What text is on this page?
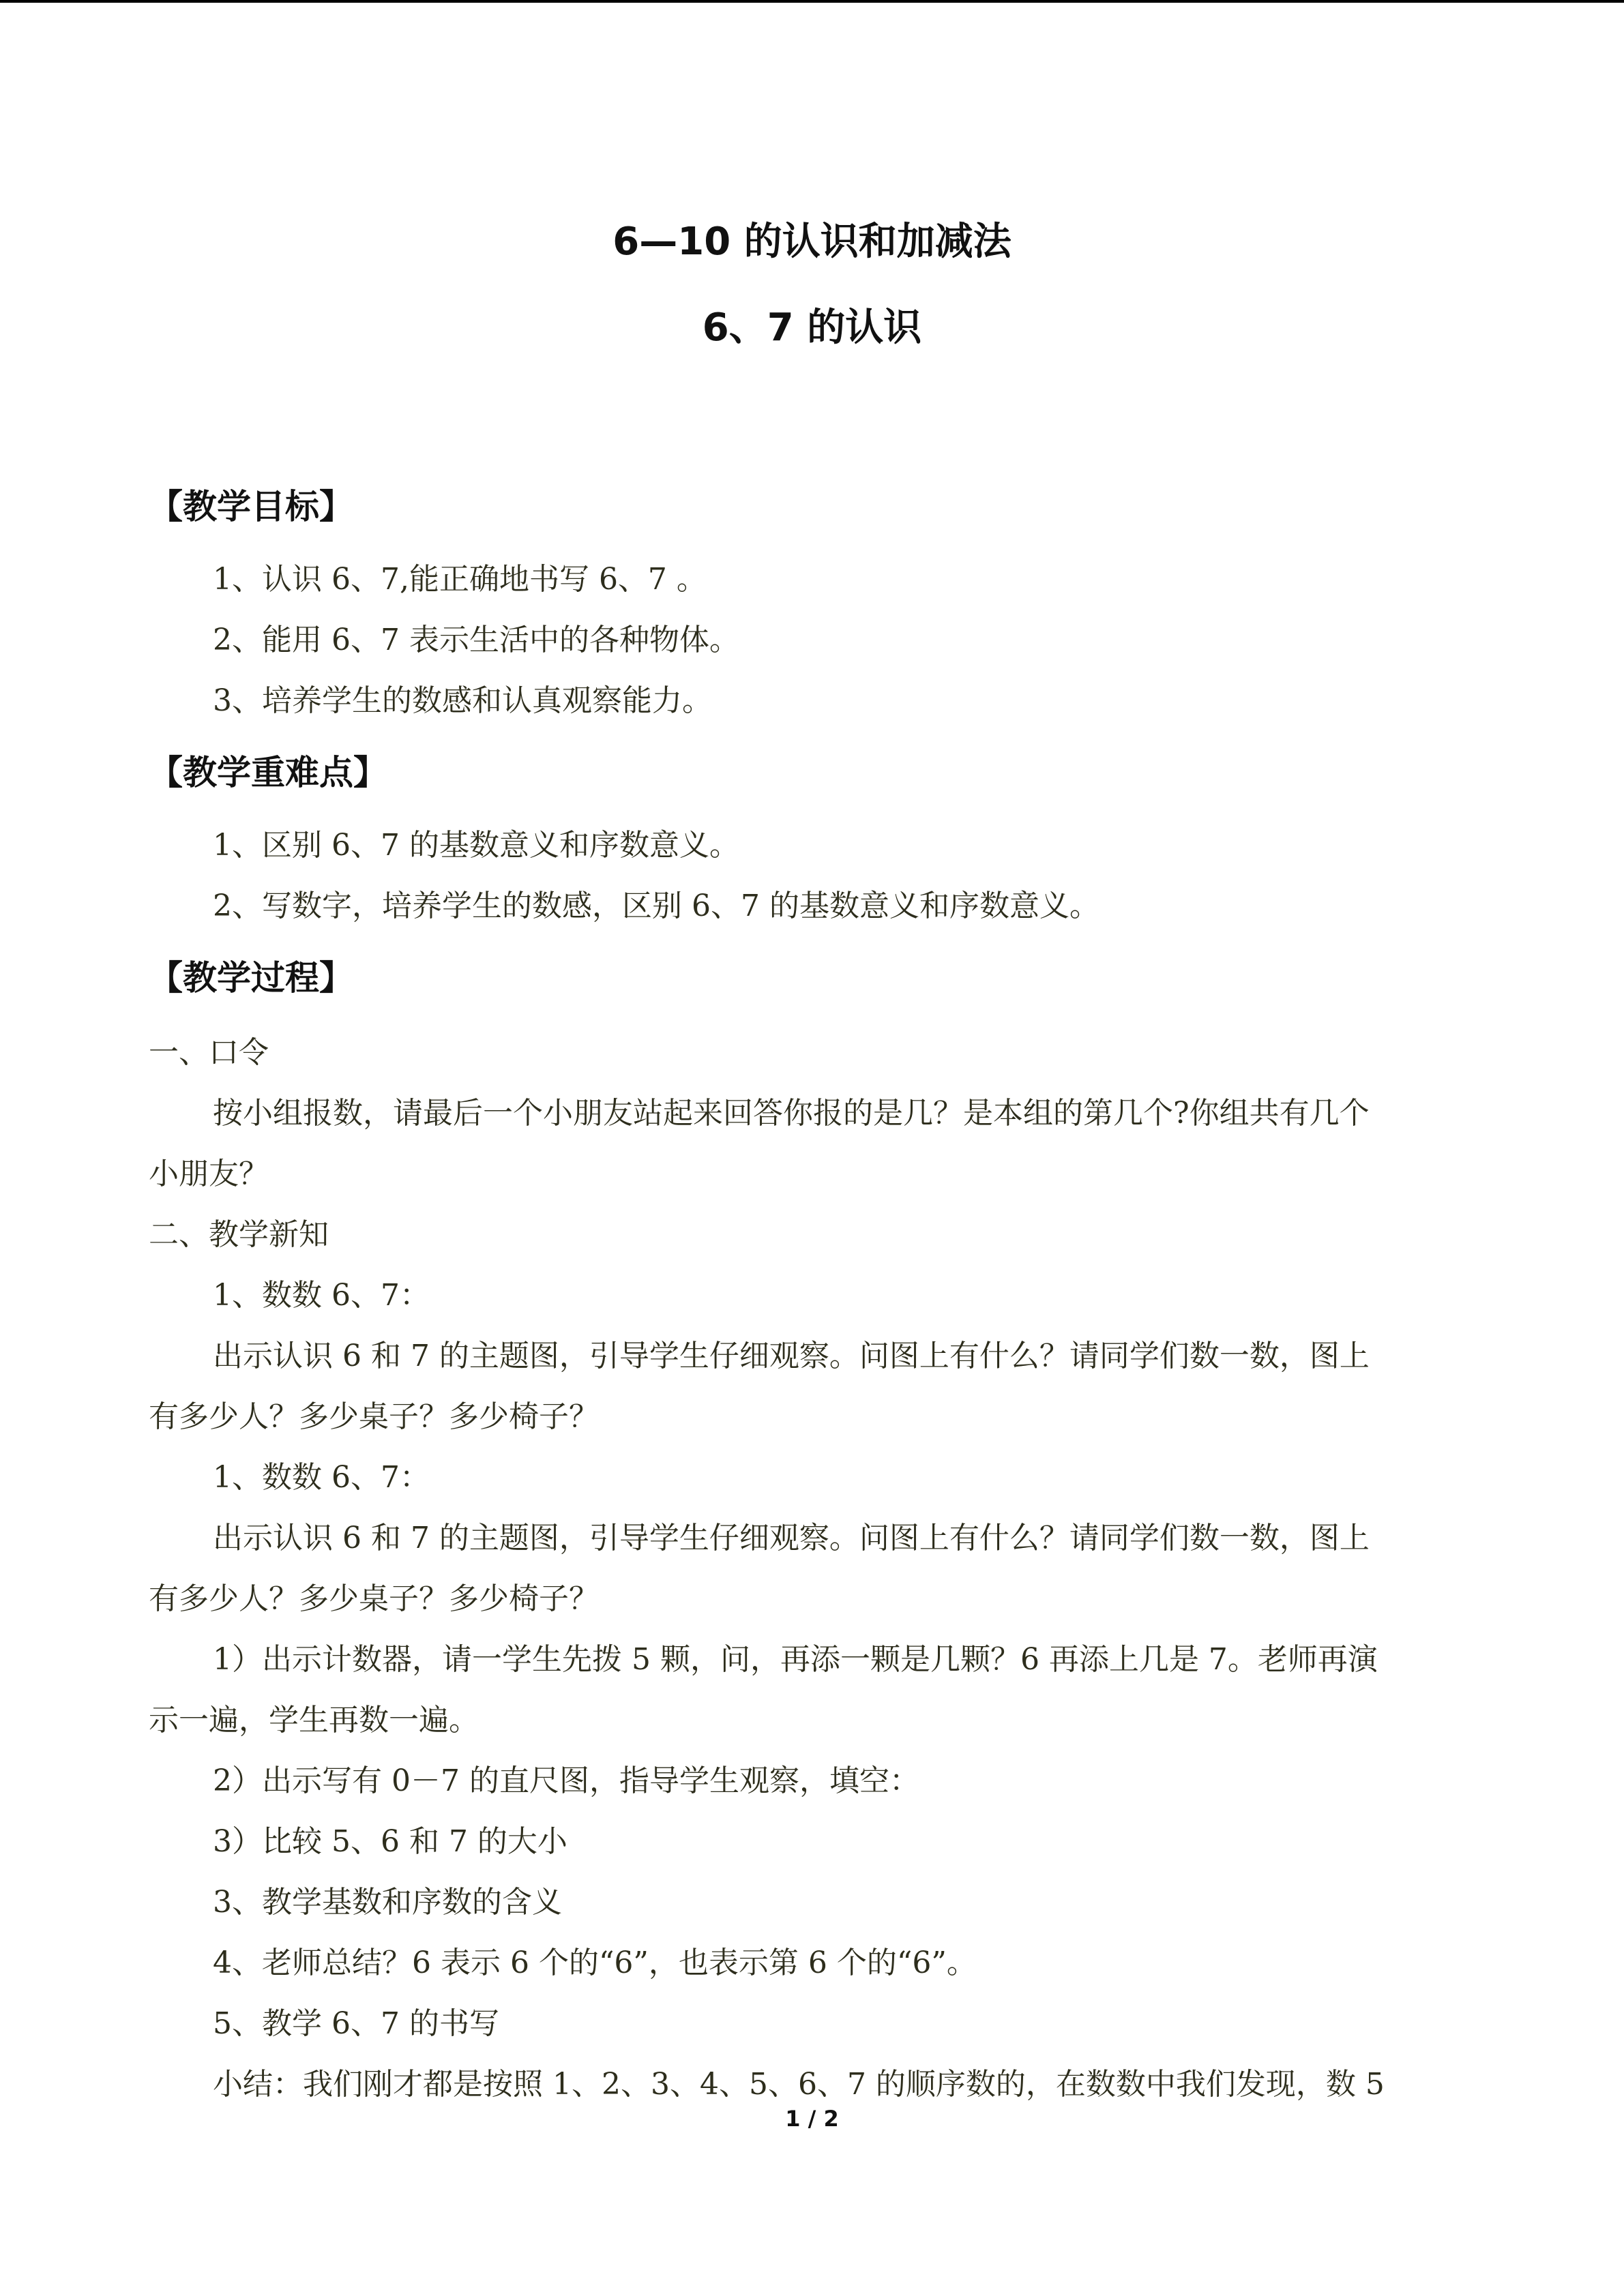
6—10 的认识和加减法
6、7 的认识
【教学目标】

1、认识 6、7,能正确地书写 6、7 。

2、能用 6、7 表示生活中的各种物体。

3、培养学生的数感和认真观察能力。

【教学重难点】

1、区别 6、7 的基数意义和序数意义。

2、写数字，培养学生的数感，区别 6、7 的基数意义和序数意义。

【教学过程】

一、口令

按小组报数，请最后一个小朋友站起来回答你报的是几？是本组的第几个?你组共有几个

小朋友？

二、教学新知

1、数数 6、7：

出示认识 6 和 7 的主题图，引导学生仔细观察。问图上有什么？请同学们数一数，图上

有多少人？多少桌子？多少椅子？

1、数数 6、7：

出示认识 6 和 7 的主题图，引导学生仔细观察。问图上有什么？请同学们数一数，图上

有多少人？多少桌子？多少椅子？

1）出示计数器，请一学生先拨 5 颗，问，再添一颗是几颗？6 再添上几是 7。老师再演

示一遍，学生再数一遍。

2）出示写有 0－7 的直尺图，指导学生观察，填空：

3）比较 5、6 和 7 的大小

3、教学基数和序数的含义

4、老师总结？6 表示 6 个的“6”，也表示第 6 个的“6”。

5、教学 6、7 的书写

小结：我们刚才都是按照 1、2、3、4、5、6、7 的顺序数的，在数数中我们发现，数 5

1 / 2
